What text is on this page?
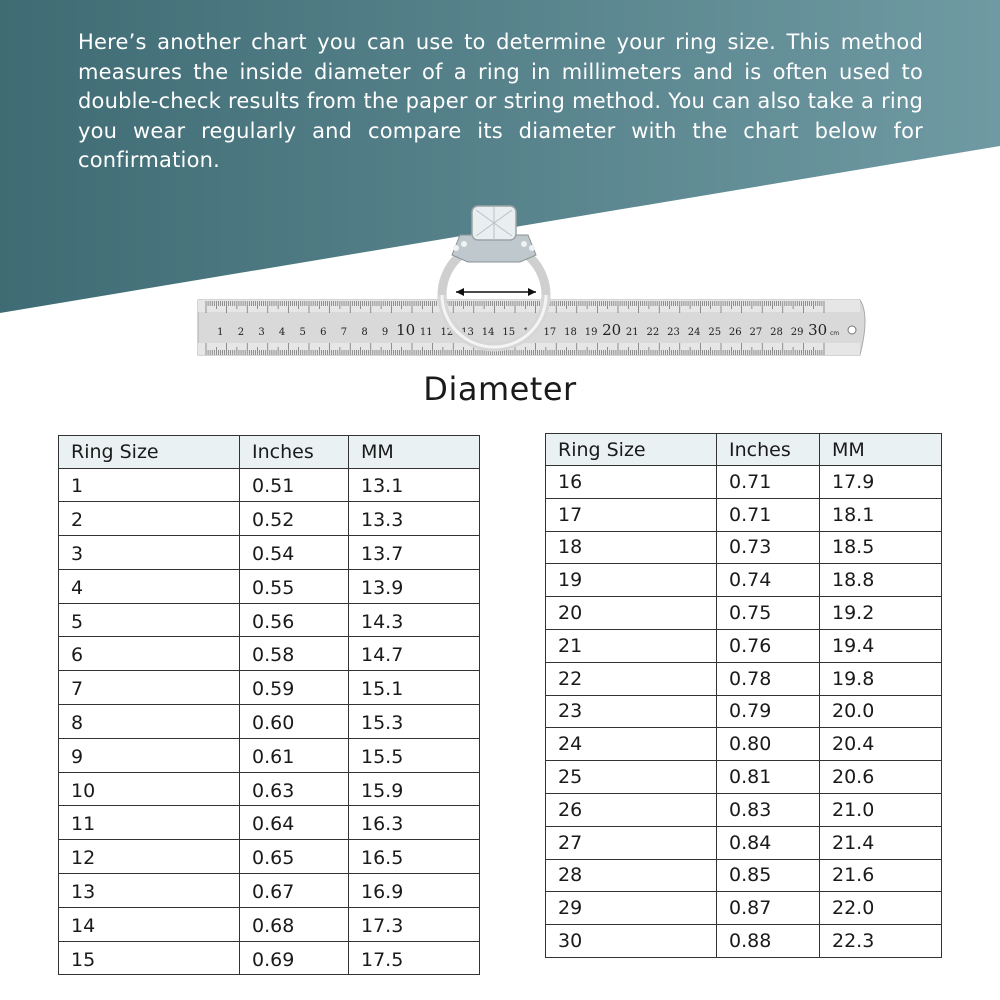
Here’s another chart you can use to determine your ring size. This method measures the inside diameter of a ring in millimeters and is often used to double-check results from the paper or string method. You can also take a ring you wear regularly and compare its diameter with the chart below for confirmation.

1 2 3 4 5 6 7 8 9 10 11 12 13 14 15 16 17 18 19 20 21 22 23 24 25 26 27 28 29 30 cm
Diameter
Ring Size	Inches	MM
1	0.51	13.1
2	0.52	13.3
3	0.54	13.7
4	0.55	13.9
5	0.56	14.3
6	0.58	14.7
7	0.59	15.1
8	0.60	15.3
9	0.61	15.5
10	0.63	15.9
11	0.64	16.3
12	0.65	16.5
13	0.67	16.9
14	0.68	17.3
15	0.69	17.5
Ring Size	Inches	MM
16	0.71	17.9
17	0.71	18.1
18	0.73	18.5
19	0.74	18.8
20	0.75	19.2
21	0.76	19.4
22	0.78	19.8
23	0.79	20.0
24	0.80	20.4
25	0.81	20.6
26	0.83	21.0
27	0.84	21.4
28	0.85	21.6
29	0.87	22.0
30	0.88	22.3
